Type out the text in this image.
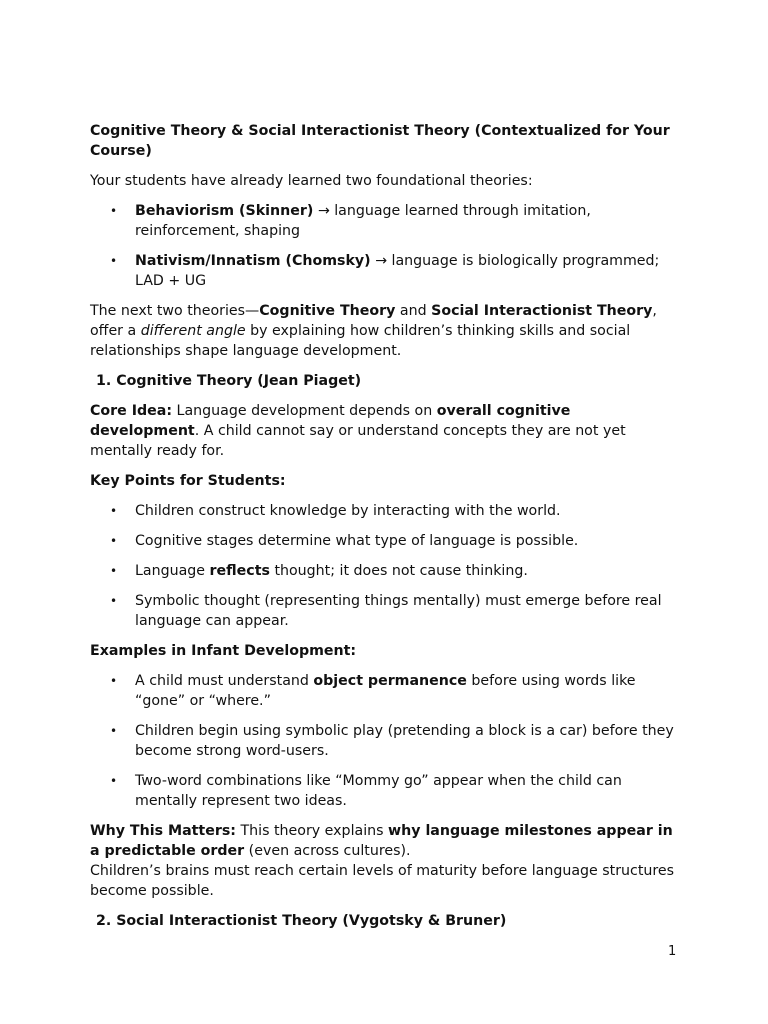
Cognitive Theory & Social Interactionist Theory (Contextualized for Your Course)

Your students have already learned two foundational theories:

• Behaviorism (Skinner) → language learned through imitation, reinforcement, shaping
• Nativism/Innatism (Chomsky) → language is biologically programmed; LAD + UG

The next two theories—Cognitive Theory and Social Interactionist Theory, offer a different angle by explaining how children’s thinking skills and social relationships shape language development.

1. Cognitive Theory (Jean Piaget)

Core Idea: Language development depends on overall cognitive development. A child cannot say or understand concepts they are not yet mentally ready for.

Key Points for Students:

• Children construct knowledge by interacting with the world.
• Cognitive stages determine what type of language is possible.
• Language reflects thought; it does not cause thinking.
• Symbolic thought (representing things mentally) must emerge before real language can appear.

Examples in Infant Development:

• A child must understand object permanence before using words like “gone” or “where.”
• Children begin using symbolic play (pretending a block is a car) before they become strong word-users.
• Two-word combinations like “Mommy go” appear when the child can mentally represent two ideas.

Why This Matters: This theory explains why language milestones appear in a predictable order (even across cultures).

Children’s brains must reach certain levels of maturity before language structures become possible.

2. Social Interactionist Theory (Vygotsky & Bruner)

1
